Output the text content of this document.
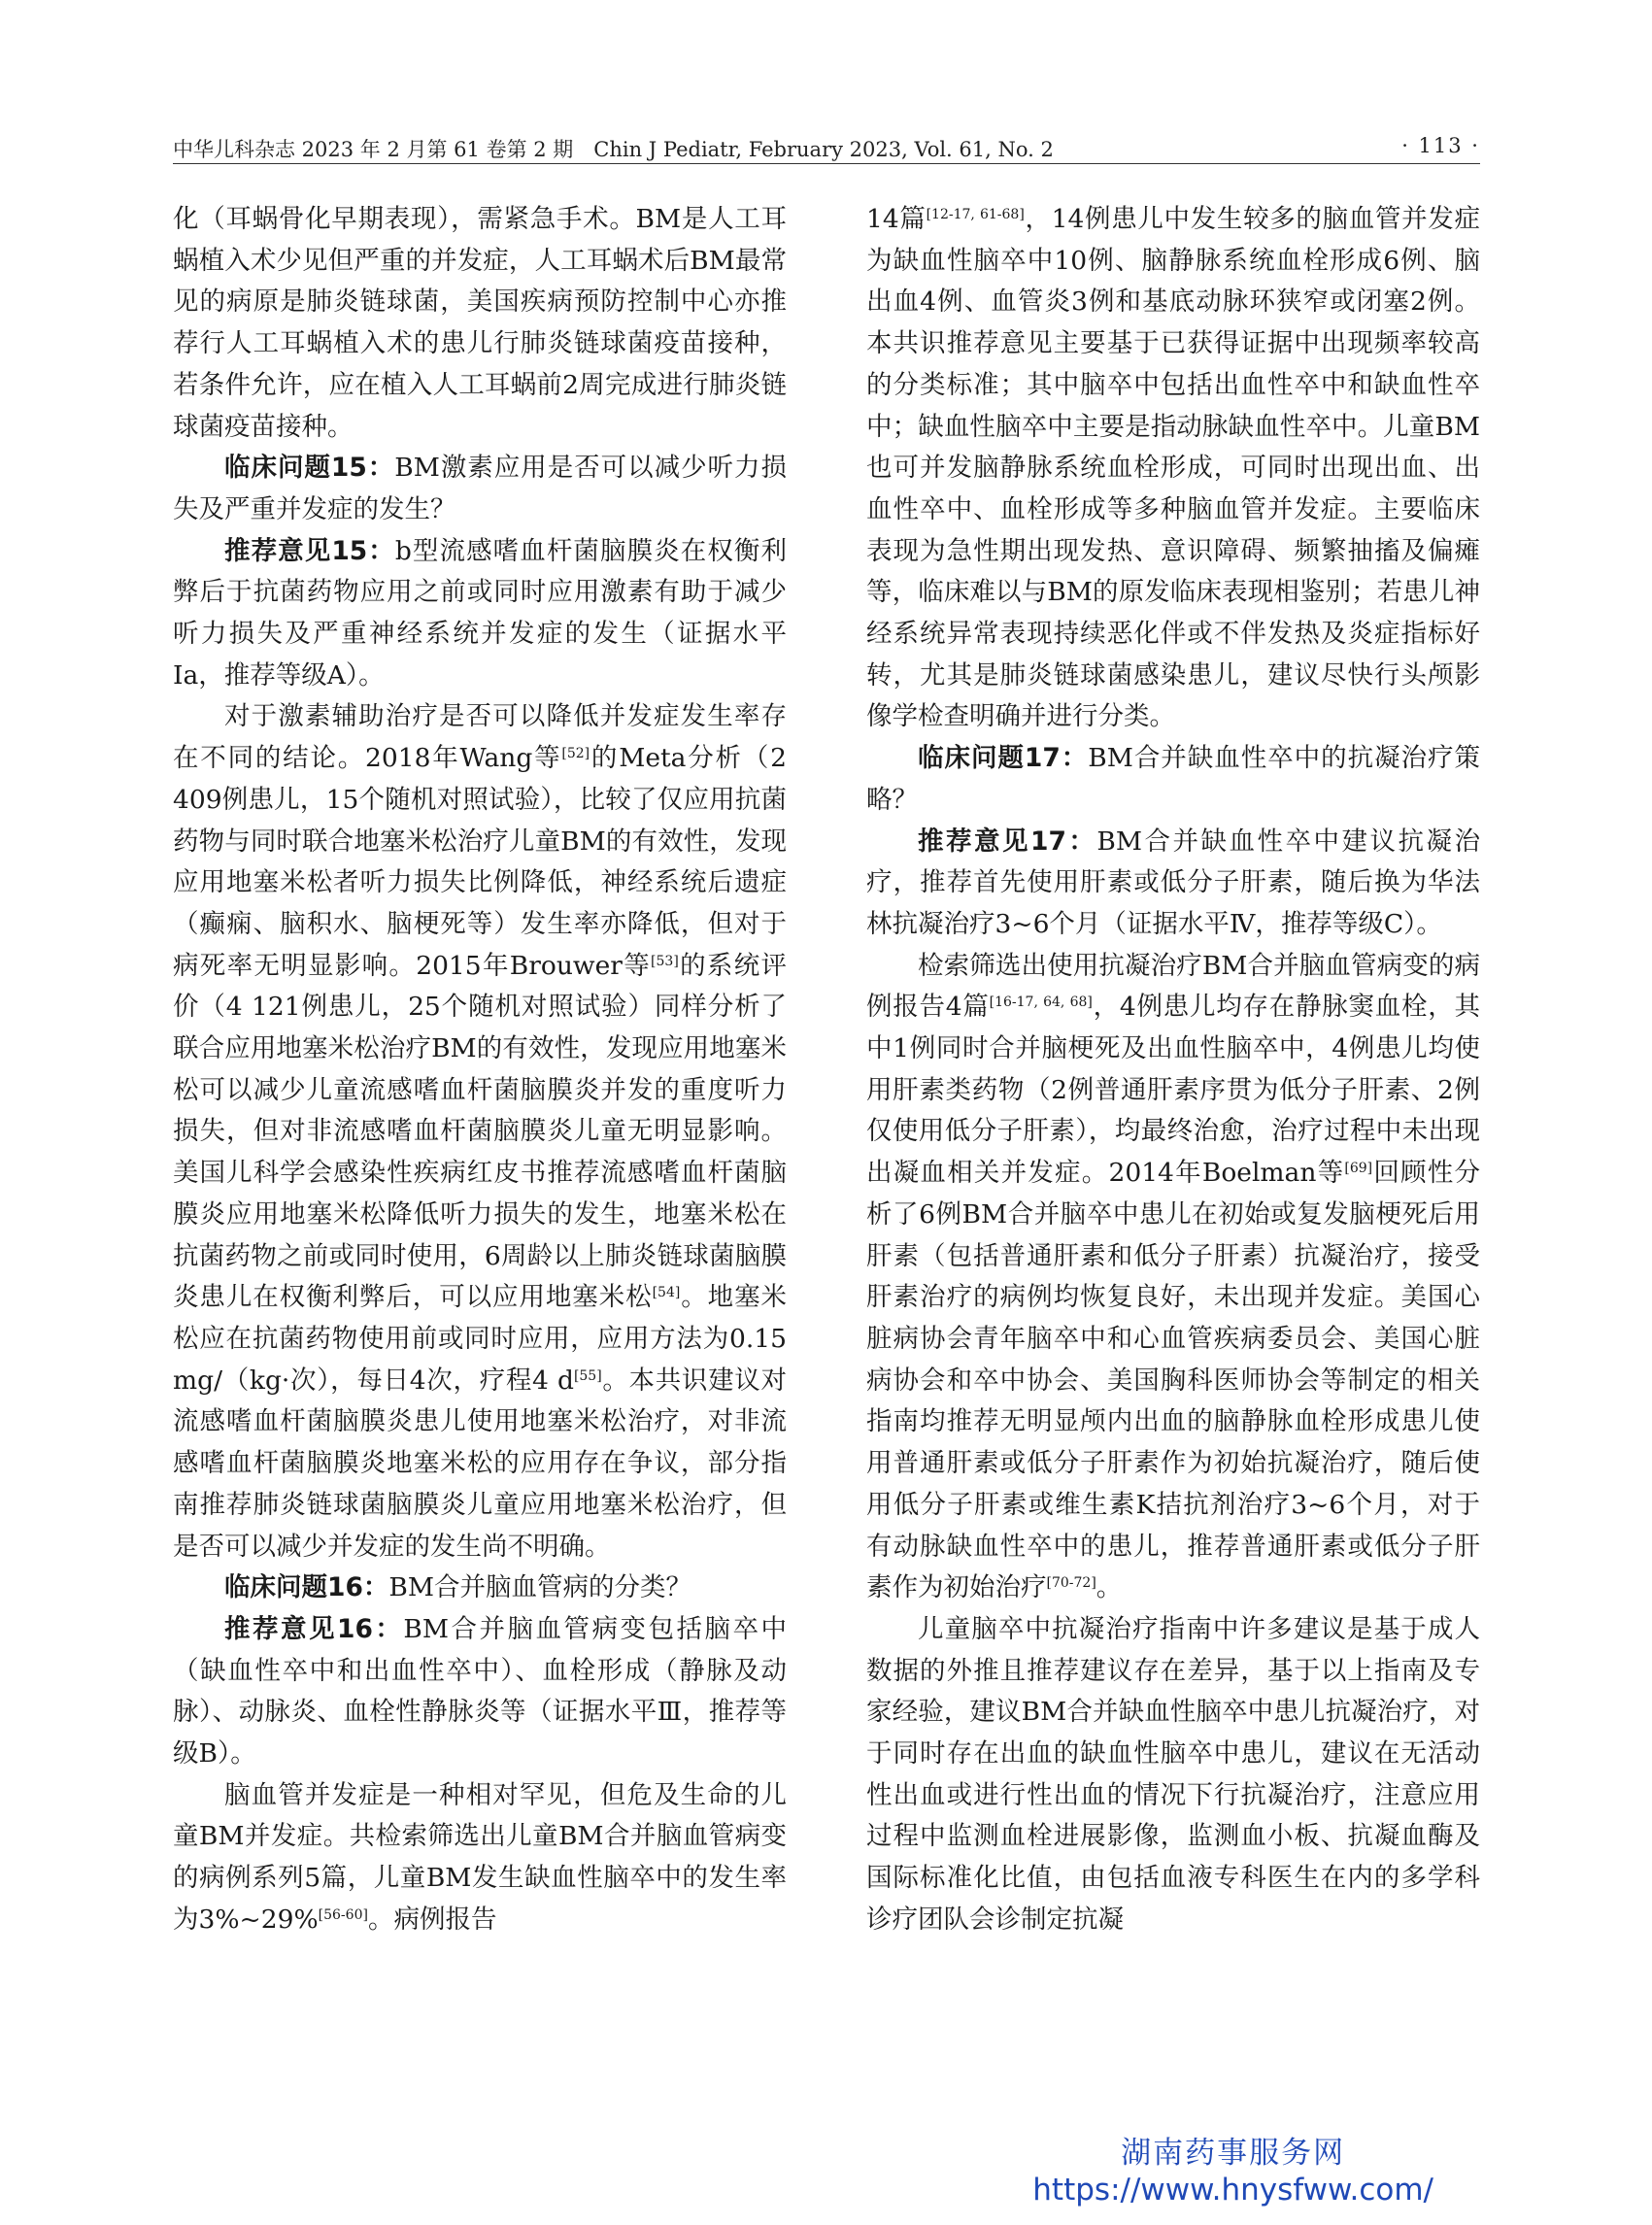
中华儿科杂志 2023 年 2 月第 61 卷第 2 期　Chin J Pediatr, February 2023, Vol. 61, No. 2	· 113 ·

化（耳蜗骨化早期表现），需紧急手术。BM是人工耳蜗植入术少见但严重的并发症，人工耳蜗术后BM最常见的病原是肺炎链球菌，美国疾病预防控制中心亦推荐行人工耳蜗植入术的患儿行肺炎链球菌疫苗接种，若条件允许，应在植入人工耳蜗前2周完成进行肺炎链球菌疫苗接种。

临床问题15：BM激素应用是否可以减少听力损失及严重并发症的发生？

推荐意见15：b型流感嗜血杆菌脑膜炎在权衡利弊后于抗菌药物应用之前或同时应用激素有助于减少听力损失及严重神经系统并发症的发生（证据水平Ⅰa，推荐等级A）。

对于激素辅助治疗是否可以降低并发症发生率存在不同的结论。2018年Wang等[52]的Meta分析（2 409例患儿，15个随机对照试验），比较了仅应用抗菌药物与同时联合地塞米松治疗儿童BM的有效性，发现应用地塞米松者听力损失比例降低，神经系统后遗症（癫痫、脑积水、脑梗死等）发生率亦降低，但对于病死率无明显影响。2015年Brouwer等[53]的系统评价（4 121例患儿，25个随机对照试验）同样分析了联合应用地塞米松治疗BM的有效性，发现应用地塞米松可以减少儿童流感嗜血杆菌脑膜炎并发的重度听力损失，但对非流感嗜血杆菌脑膜炎儿童无明显影响。美国儿科学会感染性疾病红皮书推荐流感嗜血杆菌脑膜炎应用地塞米松降低听力损失的发生，地塞米松在抗菌药物之前或同时使用，6周龄以上肺炎链球菌脑膜炎患儿在权衡利弊后，可以应用地塞米松[54]。地塞米松应在抗菌药物使用前或同时应用，应用方法为0.15 mg/（kg·次），每日4次，疗程4 d[55]。本共识建议对流感嗜血杆菌脑膜炎患儿使用地塞米松治疗，对非流感嗜血杆菌脑膜炎地塞米松的应用存在争议，部分指南推荐肺炎链球菌脑膜炎儿童应用地塞米松治疗，但是否可以减少并发症的发生尚不明确。

临床问题16：BM合并脑血管病的分类？

推荐意见16：BM合并脑血管病变包括脑卒中（缺血性卒中和出血性卒中）、血栓形成（静脉及动脉）、动脉炎、血栓性静脉炎等（证据水平Ⅲ，推荐等级B）。

脑血管并发症是一种相对罕见，但危及生命的儿童BM并发症。共检索筛选出儿童BM合并脑血管病变的病例系列5篇，儿童BM发生缺血性脑卒中的发生率为3%~29%[56-60]。病例报告

14篇[12-17, 61-68]，14例患儿中发生较多的脑血管并发症为缺血性脑卒中10例、脑静脉系统血栓形成6例、脑出血4例、血管炎3例和基底动脉环狭窄或闭塞2例。本共识推荐意见主要基于已获得证据中出现频率较高的分类标准；其中脑卒中包括出血性卒中和缺血性卒中；缺血性脑卒中主要是指动脉缺血性卒中。儿童BM也可并发脑静脉系统血栓形成，可同时出现出血、出血性卒中、血栓形成等多种脑血管并发症。主要临床表现为急性期出现发热、意识障碍、频繁抽搐及偏瘫等，临床难以与BM的原发临床表现相鉴别；若患儿神经系统异常表现持续恶化伴或不伴发热及炎症指标好转，尤其是肺炎链球菌感染患儿，建议尽快行头颅影像学检查明确并进行分类。

临床问题17：BM合并缺血性卒中的抗凝治疗策略？

推荐意见17：BM合并缺血性卒中建议抗凝治疗，推荐首先使用肝素或低分子肝素，随后换为华法林抗凝治疗3~6个月（证据水平Ⅳ，推荐等级C）。

检索筛选出使用抗凝治疗BM合并脑血管病变的病例报告4篇[16-17, 64, 68]，4例患儿均存在静脉窦血栓，其中1例同时合并脑梗死及出血性脑卒中，4例患儿均使用肝素类药物（2例普通肝素序贯为低分子肝素、2例仅使用低分子肝素），均最终治愈，治疗过程中未出现出凝血相关并发症。2014年Boelman等[69]回顾性分析了6例BM合并脑卒中患儿在初始或复发脑梗死后用肝素（包括普通肝素和低分子肝素）抗凝治疗，接受肝素治疗的病例均恢复良好，未出现并发症。美国心脏病协会青年脑卒中和心血管疾病委员会、美国心脏病协会和卒中协会、美国胸科医师协会等制定的相关指南均推荐无明显颅内出血的脑静脉血栓形成患儿使用普通肝素或低分子肝素作为初始抗凝治疗，随后使用低分子肝素或维生素K拮抗剂治疗3~6个月，对于有动脉缺血性卒中的患儿，推荐普通肝素或低分子肝素作为初始治疗[70-72]。

儿童脑卒中抗凝治疗指南中许多建议是基于成人数据的外推且推荐建议存在差异，基于以上指南及专家经验，建议BM合并缺血性脑卒中患儿抗凝治疗，对于同时存在出血的缺血性脑卒中患儿，建议在无活动性出血或进行性出血的情况下行抗凝治疗，注意应用过程中监测血栓进展影像，监测血小板、抗凝血酶及国际标准化比值，由包括血液专科医生在内的多学科诊疗团队会诊制定抗凝

湖南药事服务网
https://www.hnysfww.com/
